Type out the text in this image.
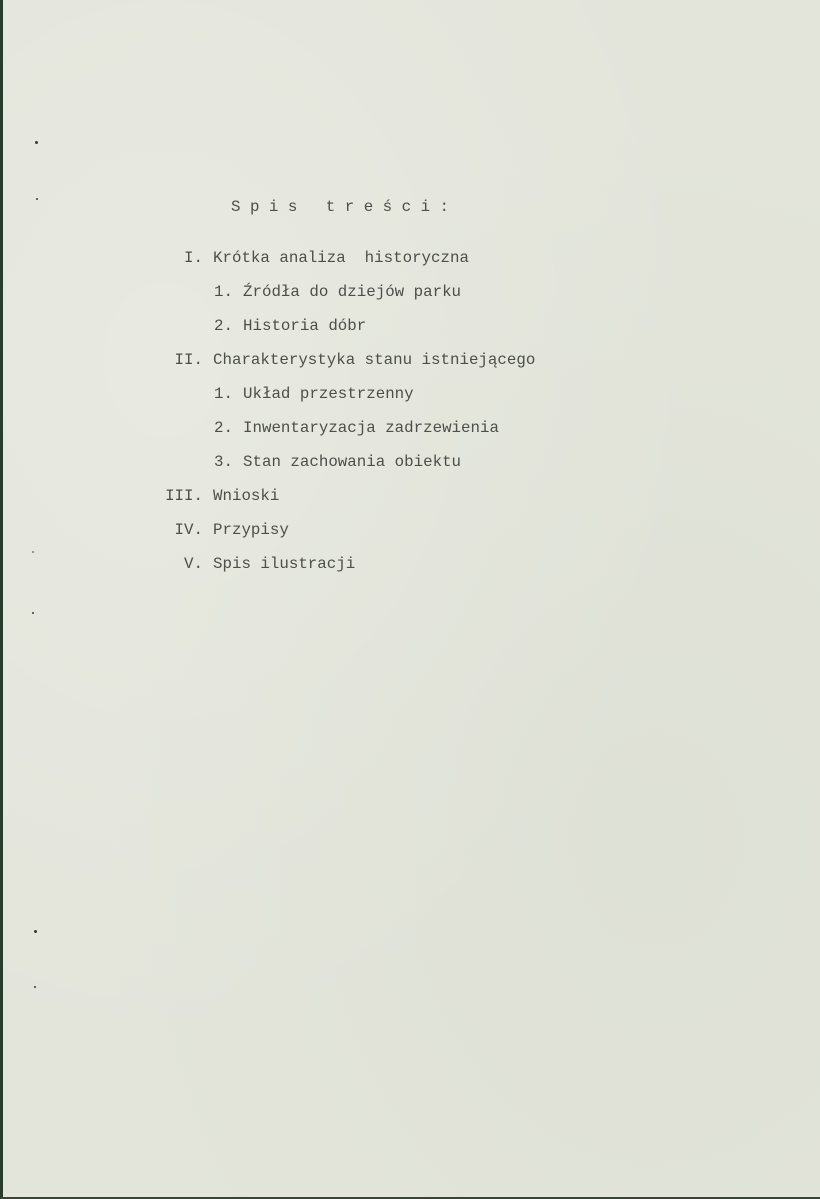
S p i s   t r e ś c i :
I. Krótka analiza  historyczna
1. Źródła do dziejów parku
2. Historia dóbr
II. Charakterystyka stanu istniejącego
1. Układ przestrzenny
2. Inwentaryzacja zadrzewienia
3. Stan zachowania obiektu
III. Wnioski
IV. Przypisy
V. Spis ilustracji
